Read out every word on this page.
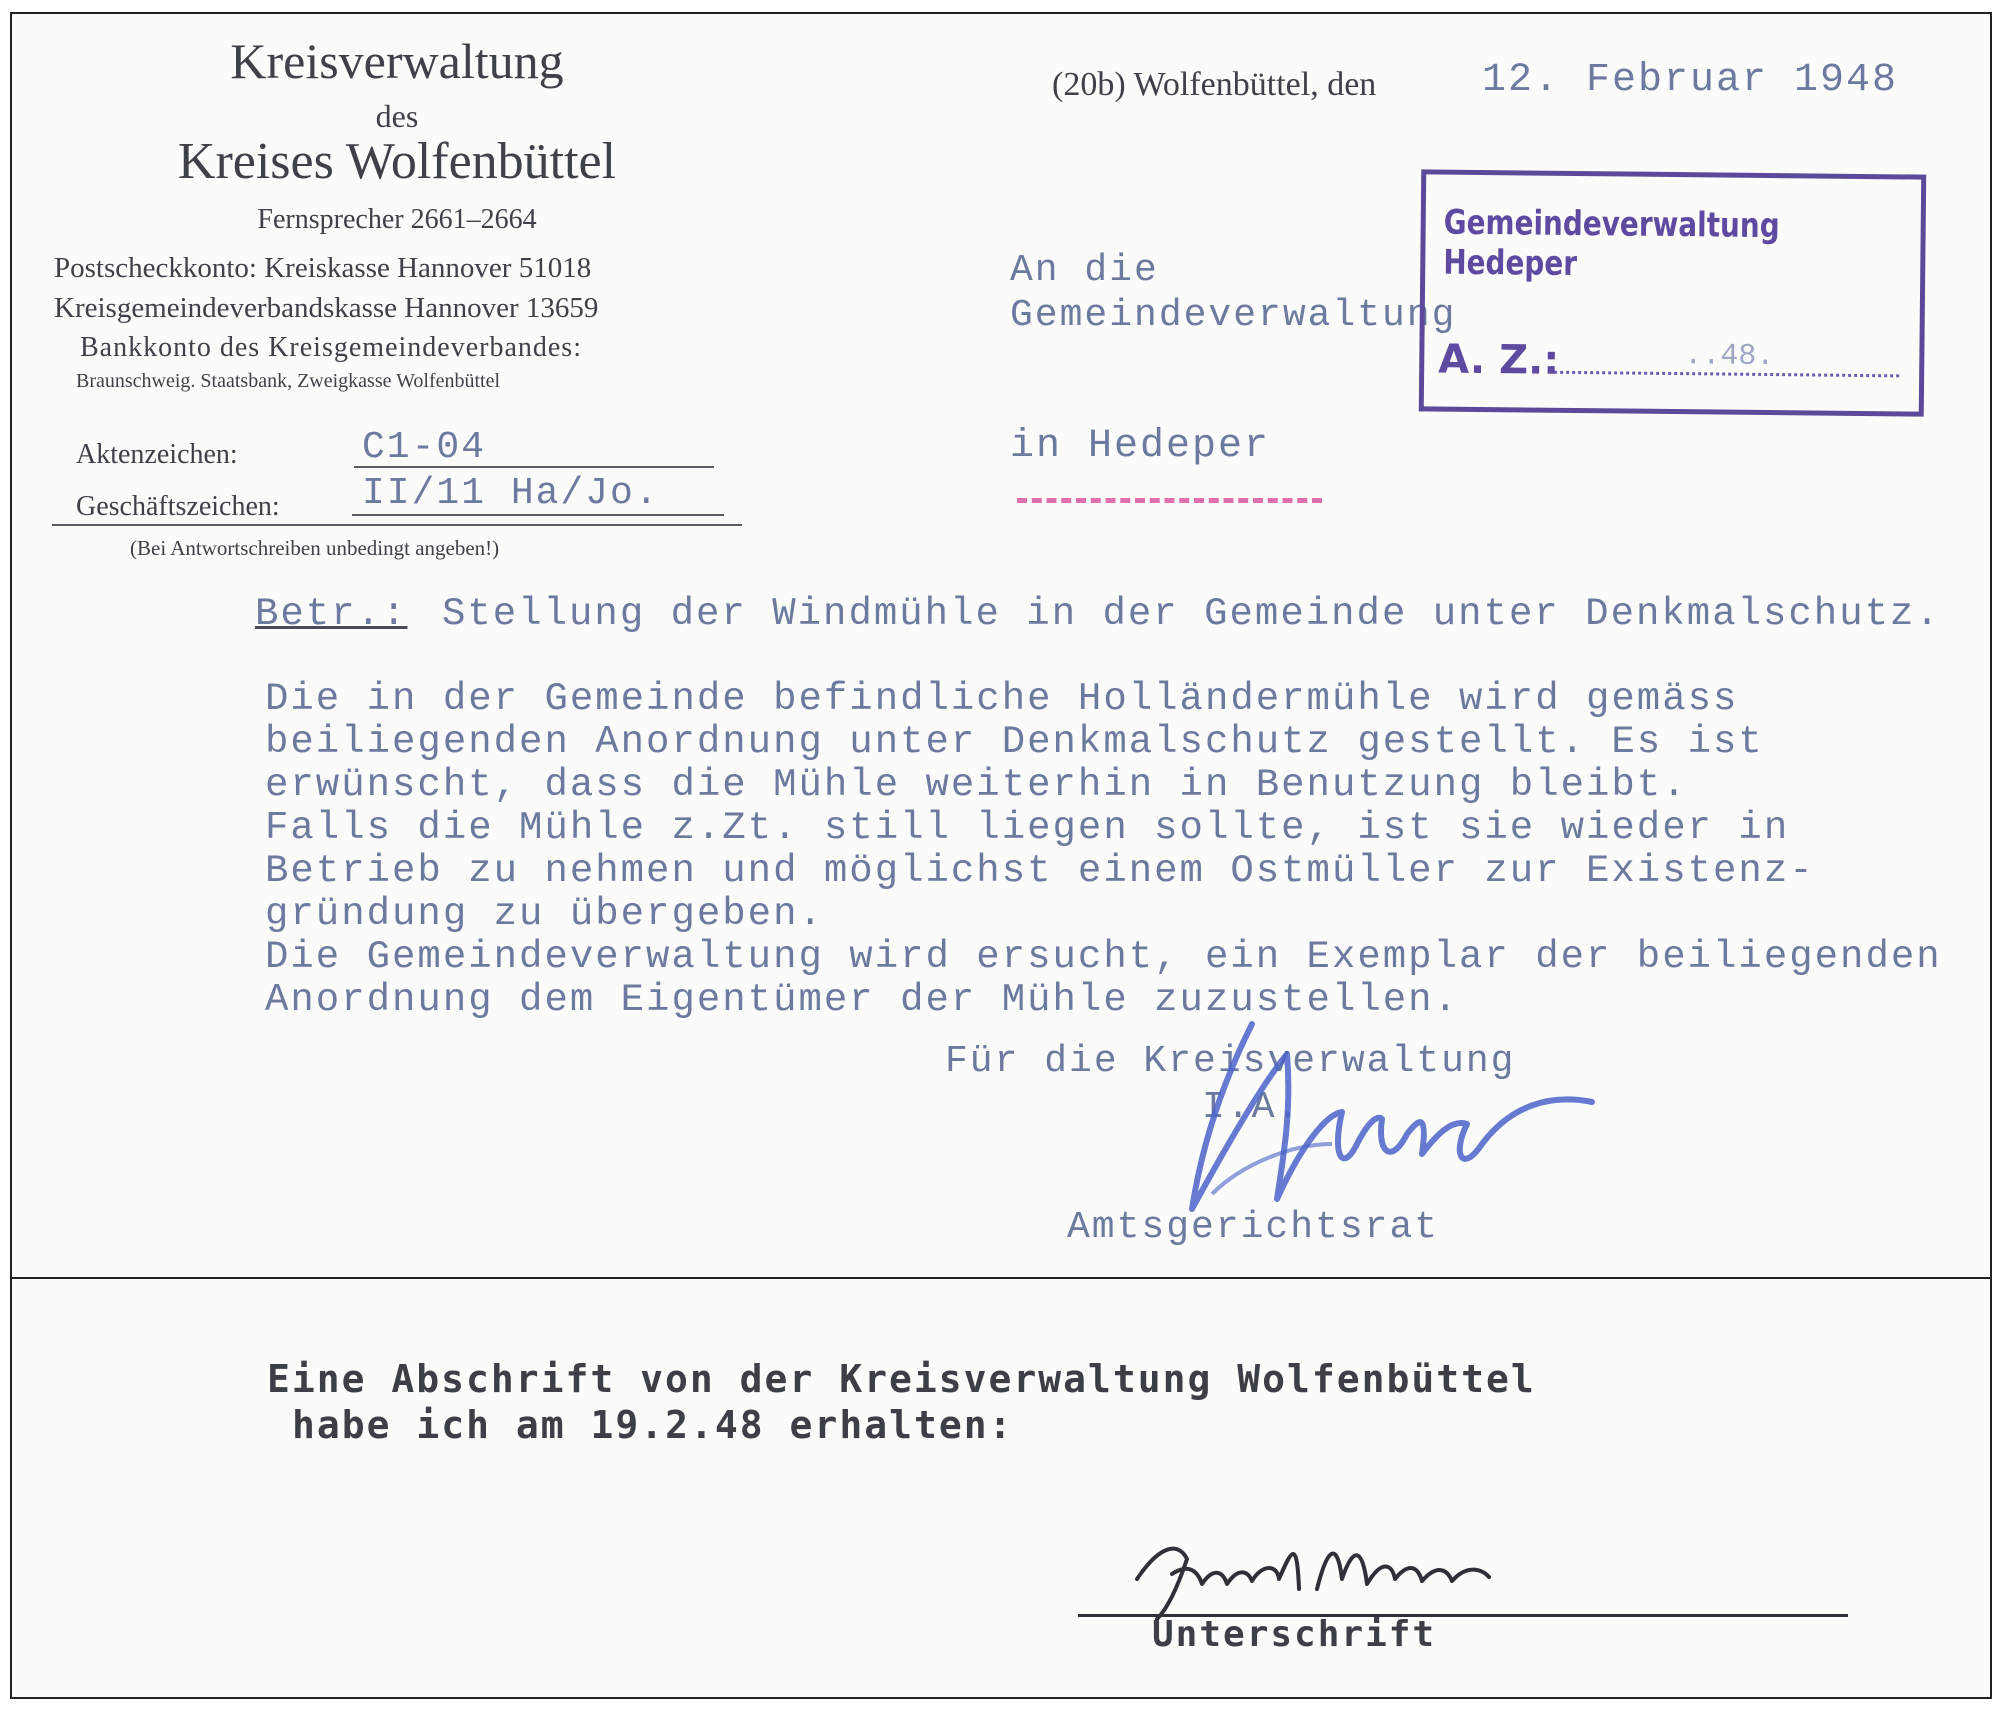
Kreisverwaltung
des
Kreises Wolfenbüttel
Fernsprecher 2661–2664
Postscheckkonto: Kreiskasse Hannover 51018
Kreisgemeindeverbandskasse Hannover 13659
Bankkonto des Kreisgemeindeverbandes:
Braunschweig. Staatsbank, Zweigkasse Wolfenbüttel
Aktenzeichen:	C1-04
Geschäftszeichen: II/11 Ha/Jo.
(Bei Antwortschreiben unbedingt angeben!)
(20b) Wolfenbüttel, den	12. Februar 1948
An die
Gemeindeverwaltung
in Hedeper
Gemeindeverwaltung Hedeper
A. Z.:	..48.
Betr.: Stellung der Windmühle in der Gemeinde unter Denkmalschutz.
Die in der Gemeinde befindliche Holländermühle wird gemäss
beiliegenden Anordnung unter Denkmalschutz gestellt. Es ist
erwünscht, dass die Mühle weiterhin in Benutzung bleibt.
Falls die Mühle z.Zt. still liegen sollte, ist sie wieder in
Betrieb zu nehmen und möglichst einem Ostmüller zur Existenz-
gründung zu übergeben.
Die Gemeindeverwaltung wird ersucht, ein Exemplar der beiliegenden
Anordnung dem Eigentümer der Mühle zuzustellen.
Für die Kreisverwaltung
I.A.
Amtsgerichtsrat
Eine Abschrift von der Kreisverwaltung Wolfenbüttel
habe ich am 19.2.48 erhalten:
Unterschrift
